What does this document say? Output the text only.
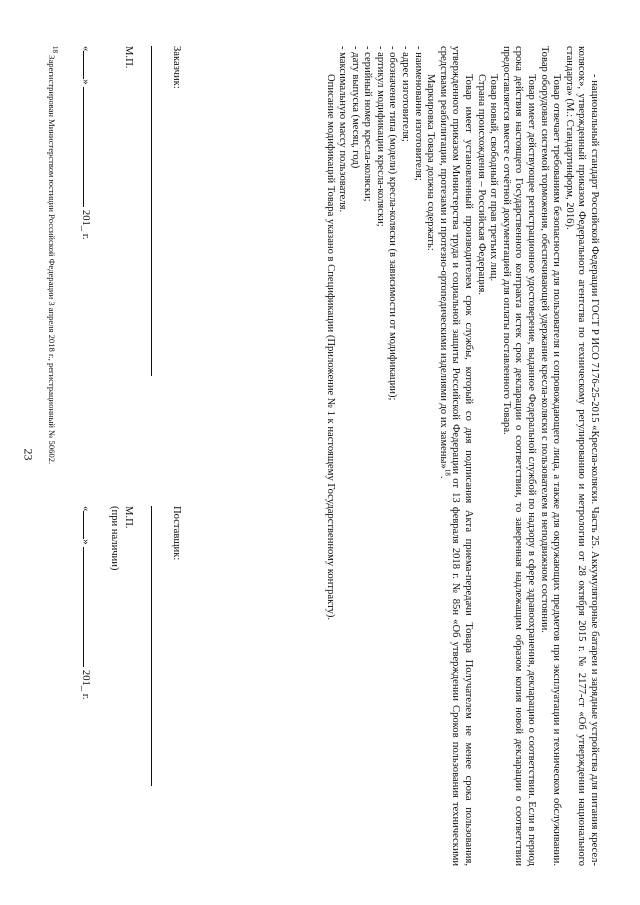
23	- национальный стандарт Российской Федерации ГОСТ Р ИСО 7176-25-2015 «Кресла-коляски. Часть 25. Аккумуляторные батареи и зарядные устройства для питания кресел-колясок», утвержденный приказом Федерального агентства по техническому регулированию и метрологии от 28 октября 2015 г. № 2177-ст «Об утверждении национального стандарта» (М.: Стандартинформ, 2016).

Товар отвечает требованиям безопасности для пользователя и сопровождающего лица, а также для окружающих предметов при эксплуатации и техническом обслуживании. Товар оборудован системой торможения, обеспечивающей удержание кресла-коляски с пользователем в неподвижном состоянии.

Товар имеет действующее регистрационное удостоверение, выданное Федеральной службой по надзору в сфере здравоохранения, декларацию о соответствии. Если в период срока действия настоящего Государственного контракта истек срок декларации о соответствии, то заверенная надлежащим образом копия новой декларации о соответствии предоставляется вместе с отчётной документацией для оплаты поставленного Товара.

Товар новый, свободный от прав третьих лиц.

Страна происхождения – Российская Федерация.

Товар имеет установленный производителем срок службы, который со дня подписания Акта приема-передачи Товара Получателем не менее срока пользования, утвержденного приказом Министерства труда и социальной защиты Российской Федерации от 13 февраля 2018 г. № 85н «Об утверждении Сроков пользования техническими средствами реабилитации, протезами и протезно-ортопедическими изделиями до их замены»$^{18}$.

Маркировка Товара должна содержать:

- наименование изготовителя;

- адрес изготовителя;

- обозначение типа (модели) кресла-коляски (в зависимости от модификации);

- артикул модификации кресла-коляски;

- серийный номер кресла-коляски;

- дату выпуска (месяц, год)

- максимальную массу пользователя.

Описание модификаций Товара указано в Спецификации (Приложение № 1 к настоящему Государственному контракту).

Заказчик:
М.П.
«»  201_ г.
Поставщик:
М.П.
(при наличии)
«»  201_ г.
$^{18}$ Зарегистрирован Министерством юстиции Российской Федерации 3 апреля 2018 г., регистрационный № 50602.
